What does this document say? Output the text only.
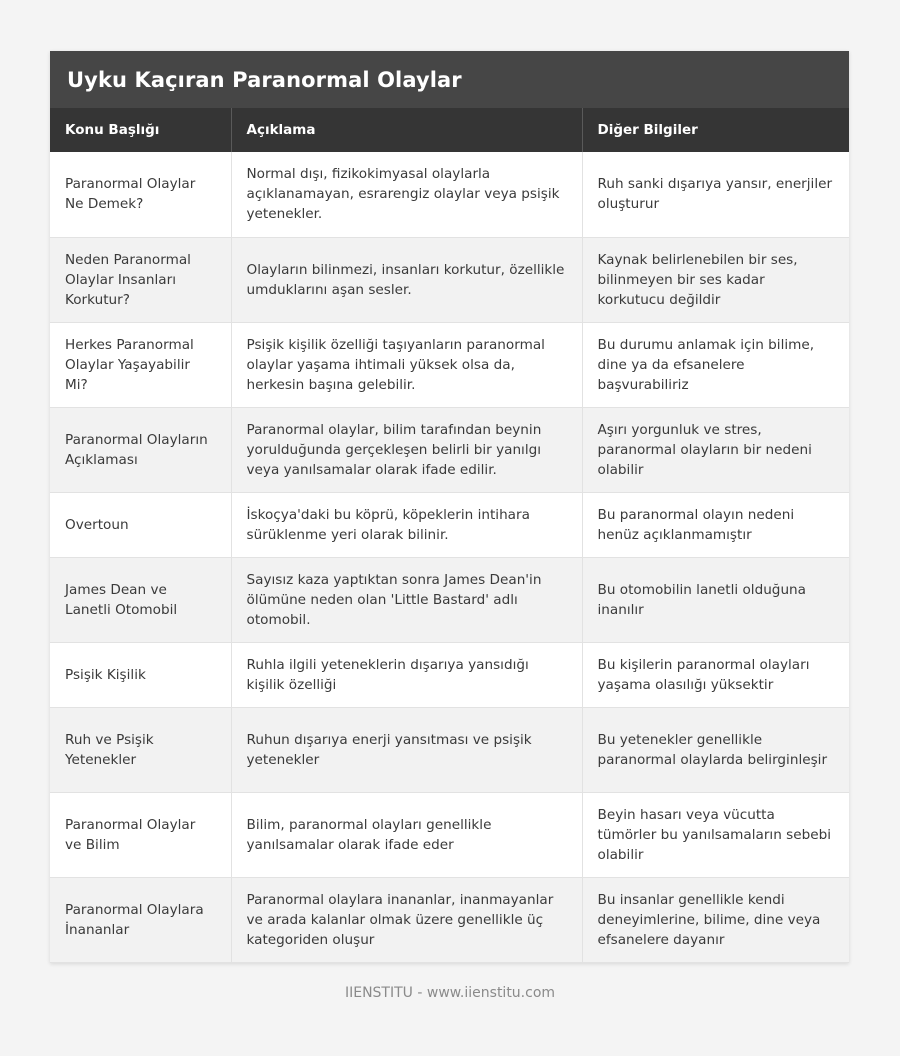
Uyku Kaçıran Paranormal Olaylar
Konu Başlığı	Açıklama	Diğer Bilgiler
Paranormal Olaylar Ne Demek?	Normal dışı, fizikokimyasal olaylarla açıklanamayan, esrarengiz olaylar veya psişik yetenekler.	Ruh sanki dışarıya yansır, enerjiler oluşturur
Neden Paranormal Olaylar Insanları Korkutur?	Olayların bilinmezi, insanları korkutur, özellikle umduklarını aşan sesler.	Kaynak belirlenebilen bir ses, bilinmeyen bir ses kadar korkutucu değildir
Herkes Paranormal Olaylar Yaşayabilir Mi?	Psişik kişilik özelliği taşıyanların paranormal olaylar yaşama ihtimali yüksek olsa da, herkesin başına gelebilir.	Bu durumu anlamak için bilime, dine ya da efsanelere başvurabiliriz
Paranormal Olayların Açıklaması	Paranormal olaylar, bilim tarafından beynin yorulduğunda gerçekleşen belirli bir yanılgı veya yanılsamalar olarak ifade edilir.	Aşırı yorgunluk ve stres, paranormal olayların bir nedeni olabilir
Overtoun	İskoçya'daki bu köprü, köpeklerin intihara sürüklenme yeri olarak bilinir.	Bu paranormal olayın nedeni henüz açıklanmamıştır
James Dean ve Lanetli Otomobil	Sayısız kaza yaptıktan sonra James Dean'in ölümüne neden olan 'Little Bastard' adlı otomobil.	Bu otomobilin lanetli olduğuna inanılır
Psişik Kişilik	Ruhla ilgili yeteneklerin dışarıya yansıdığı kişilik özelliği	Bu kişilerin paranormal olayları yaşama olasılığı yüksektir
Ruh ve Psişik Yetenekler	Ruhun dışarıya enerji yansıtması ve psişik yetenekler	Bu yetenekler genellikle paranormal olaylarda belirginleşir
Paranormal Olaylar ve Bilim	Bilim, paranormal olayları genellikle yanılsamalar olarak ifade eder	Beyin hasarı veya vücutta tümörler bu yanılsamaların sebebi olabilir
Paranormal Olaylara İnananlar	Paranormal olaylara inananlar, inanmayanlar ve arada kalanlar olmak üzere genellikle üç kategoriden oluşur	Bu insanlar genellikle kendi deneyimlerine, bilime, dine veya efsanelere dayanır
IIENSTITU - www.iienstitu.com
